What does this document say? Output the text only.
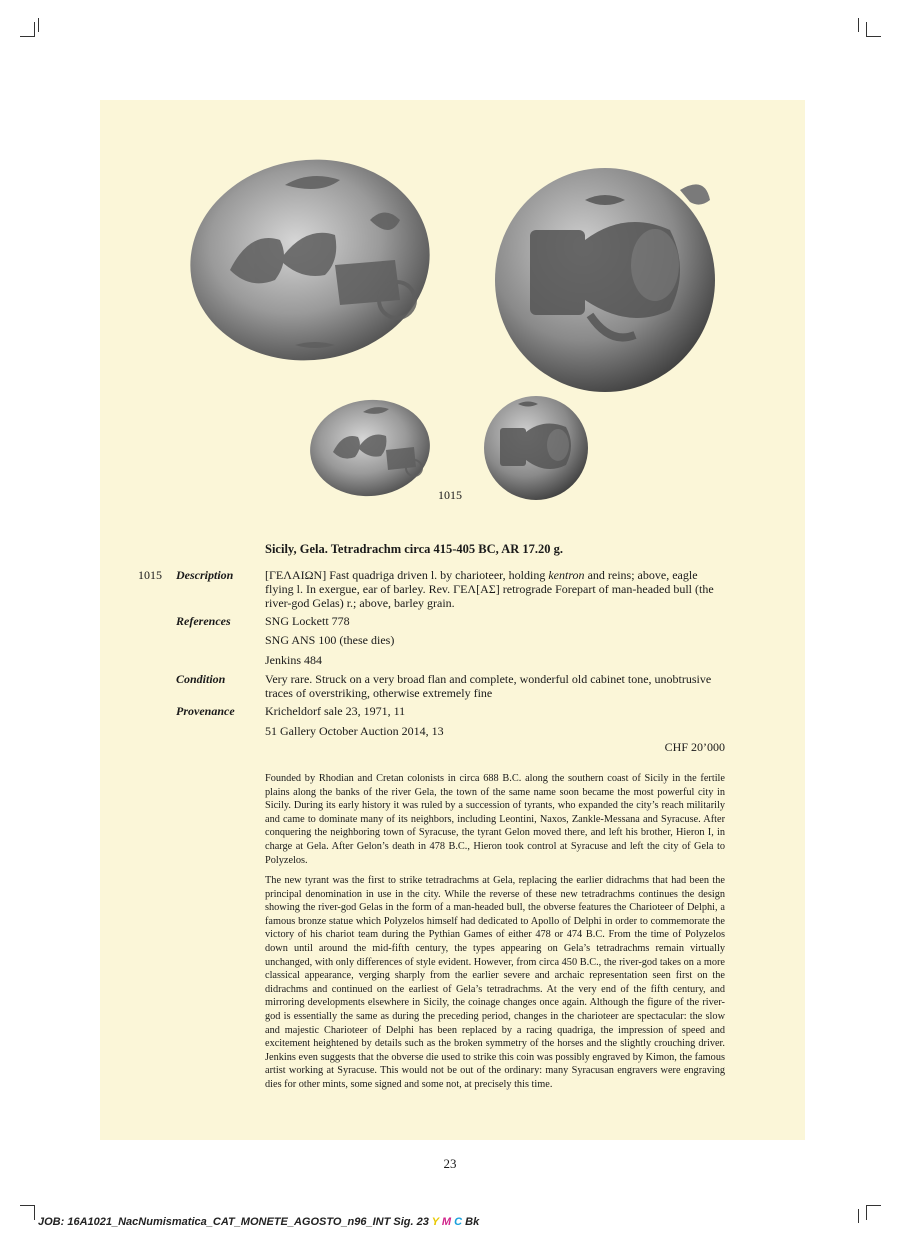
1015
Sicily, Gela. Tetradrachm circa 415-405 BC, AR 17.20 g.
1015 Description	[ΓΕΛΑΙΩΝ] Fast quadriga driven l. by charioteer, holding kentron and reins; above, eagle flying l. In exergue, ear of barley. Rev. ΓΕΛ[ΑΣ] retrograde Forepart of man-headed bull (the river-god Gelas) r.; above, barley grain.
References	SNG Lockett 778
SNG ANS 100 (these dies)
Jenkins 484
Condition	Very rare. Struck on a very broad flan and complete, wonderful old cabinet tone, unobtrusive traces of overstriking, otherwise extremely fine
Provenance	Kricheldorf sale 23, 1971, 11
51 Gallery October Auction 2014, 13
CHF 20’000
Founded by Rhodian and Cretan colonists in circa 688 B.C. along the southern coast of Sicily in the fertile plains along the banks of the river Gela, the town of the same name soon became the most powerful city in Sicily. During its early history it was ruled by a succession of tyrants, who expanded the city’s reach militarily and came to dominate many of its neighbors, including Leontini, Naxos, Zankle-Messana and Syracuse. After conquering the neighboring town of Syracuse, the tyrant Gelon moved there, and left his brother, Hieron I, in charge at Gela. After Gelon’s death in 478 B.C., Hieron took control at Syracuse and left the city of Gela to Polyzelos.
The new tyrant was the first to strike tetradrachms at Gela, replacing the earlier didrachms that had been the principal denomination in use in the city. While the reverse of these new tetradrachms continues the design showing the river-god Gelas in the form of a man-headed bull, the obverse features the Charioteer of Delphi, a famous bronze statue which Polyzelos himself had dedicated to Apollo of Delphi in order to commemorate the victory of his chariot team during the Pythian Games of either 478 or 474 B.C. From the time of Polyzelos down until around the mid-fifth century, the types appearing on Gela’s tetradrachms remain virtually unchanged, with only differences of style evident. However, from circa 450 B.C., the river-god takes on a more classical appearance, verging sharply from the earlier severe and archaic representation seen first on the didrachms and continued on the earliest of Gela’s tetradrachms. At the very end of the fifth century, and mirroring developments elsewhere in Sicily, the coinage changes once again. Although the figure of the river-god is essentially the same as during the preceding period, changes in the charioteer are spectacular: the slow and majestic Charioteer of Delphi has been replaced by a racing quadriga, the impression of speed and excitement heightened by details such as the broken symmetry of the horses and the slightly crouching driver. Jenkins even suggests that the obverse die used to strike this coin was possibly engraved by Kimon, the famous artist working at Syracuse. This would not be out of the ordinary: many Syracusan engravers were engraving dies for other mints, some signed and some not, at precisely this time.
23
JOB: 16A1021_NacNumismatica_CAT_MONETE_AGOSTO_n96_INT Sig. 23 Y M C Bk
